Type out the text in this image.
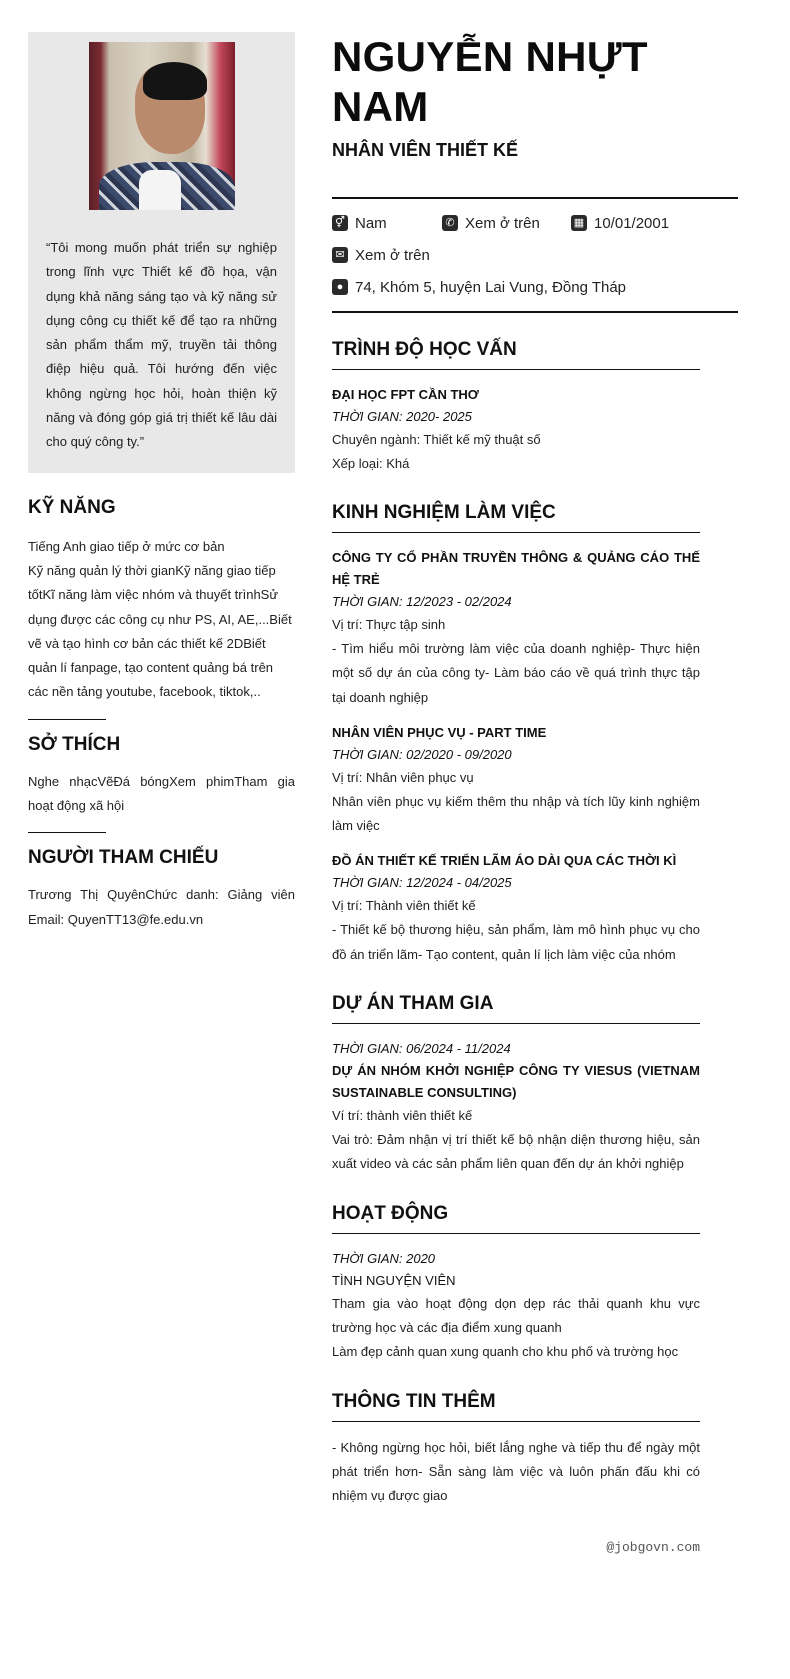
“Tôi mong muốn phát triển sự nghiệp trong lĩnh vực Thiết kế đồ họa, vận dụng khả năng sáng tạo và kỹ năng sử dụng công cụ thiết kế để tạo ra những sản phẩm thẩm mỹ, truyền tải thông điệp hiệu quả. Tôi hướng đến việc không ngừng học hỏi, hoàn thiện kỹ năng và đóng góp giá trị thiết kế lâu dài cho quý công ty.”
KỸ NĂNG

Tiếng Anh giao tiếp ở mức cơ bản

Kỹ năng quản lý thời gianKỹ năng giao tiếp tốtKĩ năng làm việc nhóm và thuyết trìnhSử dụng được các công cụ như PS, AI, AE,...Biết vẽ và tạo hình cơ bản các thiết kế 2DBiết quản lí fanpage, tạo content quảng bá trên các nền tảng youtube, facebook, tiktok,..

SỞ THÍCH

Nghe nhạcVẽĐá bóngXem phimTham gia hoạt động xã hội

NGƯỜI THAM CHIẾU

Trương Thị QuyênChức danh: Giảng viên Email: QuyenTT13@fe.edu.vn

NGUYỄN NHỰT NAM
NHÂN VIÊN THIẾT KẾ
⚥ Nam	✆ Xem ở trên	▦ 10/01/2001
✉ Xem ở trên
● 74, Khóm 5, huyện Lai Vung, Đồng Tháp
TRÌNH ĐỘ HỌC VẤN
ĐẠI HỌC FPT CẦN THƠ
THỜI GIAN: 2020- 2025
Chuyên ngành: Thiết kế mỹ thuật số
Xếp loại: Khá
KINH NGHIỆM LÀM VIỆC
CÔNG TY CỔ PHẦN TRUYỀN THÔNG & QUẢNG CÁO THẾ HỆ TRẺ
THỜI GIAN: 12/2023 - 02/2024
Vị trí: Thực tập sinh
- Tìm hiểu môi trường làm việc của doanh nghiệp- Thực hiện một số dự án của công ty- Làm báo cáo về quá trình thực tập tại doanh nghiệp
NHÂN VIÊN PHỤC VỤ - PART TIME
THỜI GIAN: 02/2020 - 09/2020
Vị trí: Nhân viên phục vụ
Nhân viên phục vụ kiếm thêm thu nhập và tích lũy kinh nghiệm làm việc
ĐỒ ÁN THIẾT KẾ TRIỂN LÃM ÁO DÀI QUA CÁC THỜI KÌ
THỜI GIAN: 12/2024 - 04/2025
Vị trí: Thành viên thiết kế
- Thiết kế bộ thương hiệu, sản phẩm, làm mô hình phục vụ cho đồ án triển lãm- Tạo content, quản lí lịch làm việc của nhóm
DỰ ÁN THAM GIA
THỜI GIAN: 06/2024 - 11/2024
DỰ ÁN NHÓM KHỞI NGHIỆP CÔNG TY VIESUS (VIETNAM SUSTAINABLE CONSULTING)
Ví trí: thành viên thiết kế
Vai trò: Đảm nhận vị trí thiết kế bộ nhận diện thương hiệu, sản xuất video và các sản phẩm liên quan đến dự án khởi nghiệp
HOẠT ĐỘNG
THỜI GIAN: 2020
TÌNH NGUYỆN VIÊN
Tham gia vào hoạt động dọn dẹp rác thải quanh khu vực trường học và các địa điểm xung quanh
Làm đẹp cảnh quan xung quanh cho khu phố và trường học
THÔNG TIN THÊM
- Không ngừng học hỏi, biết lắng nghe và tiếp thu để ngày một phát triển hơn- Sẵn sàng làm việc và luôn phấn đấu khi có nhiệm vụ được giao
@jobgovn.com
